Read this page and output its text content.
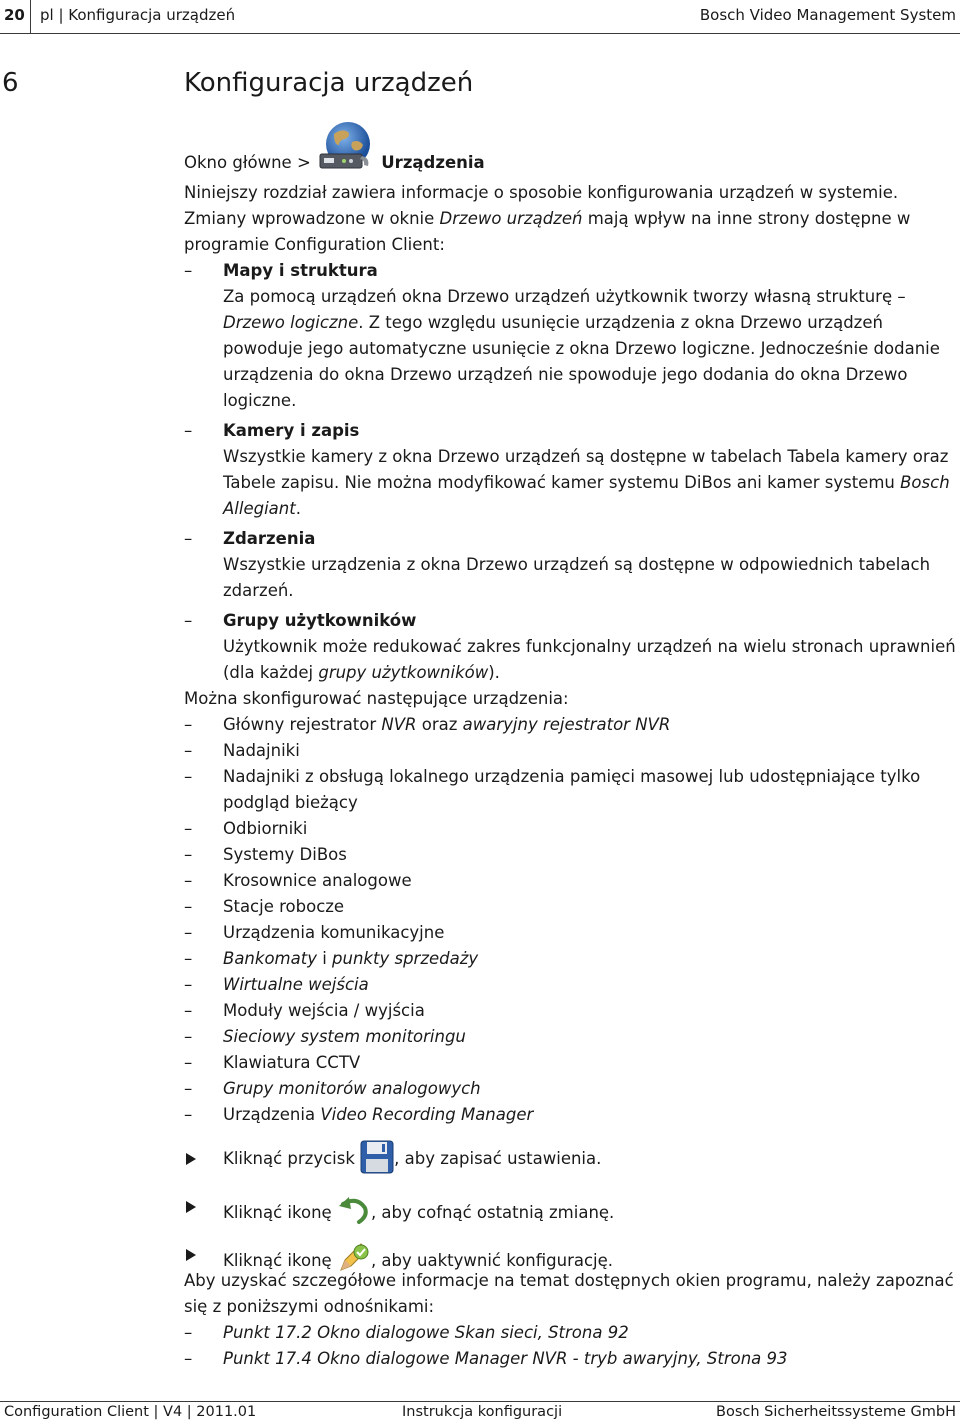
20 pl | Konfiguracja urządzeń	Bosch Video Management System
6	Konfiguracja urządzeń

Okno główne >	Urządzenia

Niniejszy rozdział zawiera informacje o sposobie konfigurowania urządzeń w systemie.

Zmiany wprowadzone w oknie Drzewo urządzeń mają wpływ na inne strony dostępne w programie Configuration Client:

– Mapy i struktura

Za pomocą urządzeń okna Drzewo urządzeń użytkownik tworzy własną strukturę – Drzewo logiczne. Z tego względu usunięcie urządzenia z okna Drzewo urządzeń powoduje jego automatyczne usunięcie z okna Drzewo logiczne. Jednocześnie dodanie urządzenia do okna Drzewo urządzeń nie spowoduje jego dodania do okna Drzewo logiczne.

– Kamery i zapis

Wszystkie kamery z okna Drzewo urządzeń są dostępne w tabelach Tabela kamery oraz Tabele zapisu. Nie można modyfikować kamer systemu DiBos ani kamer systemu Bosch Allegiant.

– Zdarzenia

Wszystkie urządzenia z okna Drzewo urządzeń są dostępne w odpowiednich tabelach zdarzeń.

– Grupy użytkowników

Użytkownik może redukować zakres funkcjonalny urządzeń na wielu stronach uprawnień (dla każdej grupy użytkowników).

Można skonfigurować następujące urządzenia:

– Główny rejestrator NVR oraz awaryjny rejestrator NVR
– Nadajniki
– Nadajniki z obsługą lokalnego urządzenia pamięci masowej lub udostępniające tylko podgląd bieżący
– Odbiorniki
– Systemy DiBos
– Krosownice analogowe
– Stacje robocze
– Urządzenia komunikacyjne
– Bankomaty i punkty sprzedaży
– Wirtualne wejścia
– Moduły wejścia / wyjścia
– Sieciowy system monitoringu
– Klawiatura CCTV
– Grupy monitorów analogowych
– Urządzenia Video Recording Manager
Kliknąć przycisk , aby zapisać ustawienia.
Kliknąć ikonę , aby cofnąć ostatnią zmianę.
Kliknąć ikonę , aby uaktywnić konfigurację.

Aby uzyskać szczegółowe informacje na temat dostępnych okien programu, należy zapoznać się z poniższymi odnośnikami:

– Punkt 17.2 Okno dialogowe Skan sieci, Strona 92
– Punkt 17.4 Okno dialogowe Manager NVR - tryb awaryjny, Strona 93
Configuration Client | V4 | 2011.01	Instrukcja konfiguracji	Bosch Sicherheitssysteme GmbH
